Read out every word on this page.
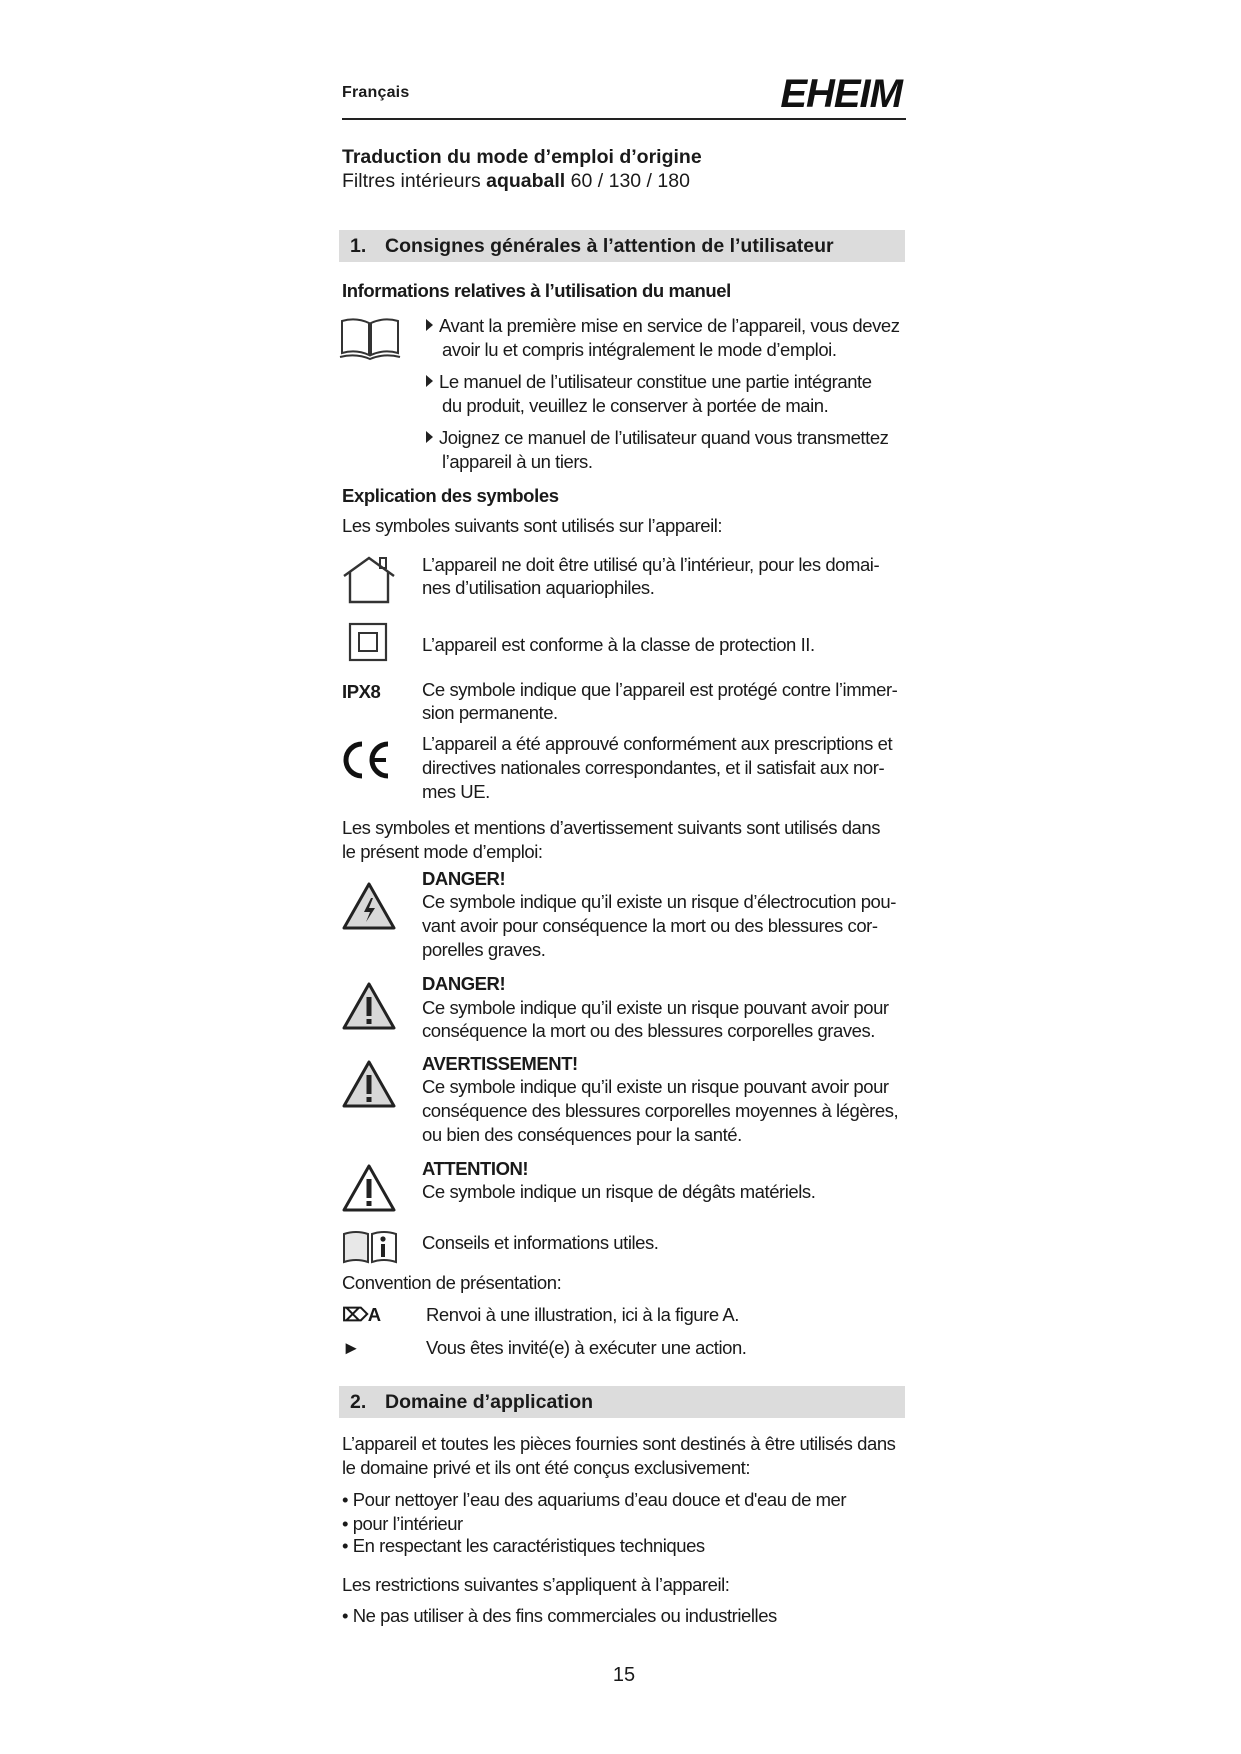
Français	EHEIM
Traduction du mode d’emploi d’origine
Filtres intérieurs aquaball 60 / 130 / 180
1. Consignes générales à l’attention de l’utilisateur
Informations relatives à l’utilisation du manuel
Avant la première mise en service de l’appareil, vous devez
avoir lu et compris intégralement le mode d’emploi.
Le manuel de l’utilisateur constitue une partie intégrante
du produit, veuillez le conserver à portée de main.
Joignez ce manuel de l’utilisateur quand vous transmettez
l’appareil à un tiers.
Explication des symboles
Les symboles suivants sont utilisés sur l’appareil:
L’appareil ne doit être utilisé qu’à l’intérieur, pour les domai-
nes d’utilisation aquariophiles.
L’appareil est conforme à la classe de protection II.
IPX8 Ce symbole indique que l’appareil est protégé contre l’immer-
sion permanente.
L’appareil a été approuvé conformément aux prescriptions et
directives nationales correspondantes, et il satisfait aux nor-
mes UE.
Les symboles et mentions d’avertissement suivants sont utilisés dans
le présent mode d’emploi:
DANGER!
Ce symbole indique qu’il existe un risque d’électrocution pou-
vant avoir pour conséquence la mort ou des blessures cor-
porelles graves.
DANGER!
Ce symbole indique qu’il existe un risque pouvant avoir pour
conséquence la mort ou des blessures corporelles graves.
AVERTISSEMENT!
Ce symbole indique qu’il existe un risque pouvant avoir pour
conséquence des blessures corporelles moyennes à légères,
ou bien des conséquences pour la santé.
ATTENTION!
Ce symbole indique un risque de dégâts matériels.
Conseils et informations utiles.
Convention de présentation:
⌦A Renvoi à une illustration, ici à la figure A.
►	Vous êtes invité(e) à exécuter une action.
2. Domaine d’application
L’appareil et toutes les pièces fournies sont destinés à être utilisés dans
le domaine privé et ils ont été conçus exclusivement:
• Pour nettoyer l’eau des aquariums d’eau douce et d'eau de mer
• pour l’intérieur
• En respectant les caractéristiques techniques
Les restrictions suivantes s’appliquent à l’appareil:
• Ne pas utiliser à des fins commerciales ou industrielles
15
